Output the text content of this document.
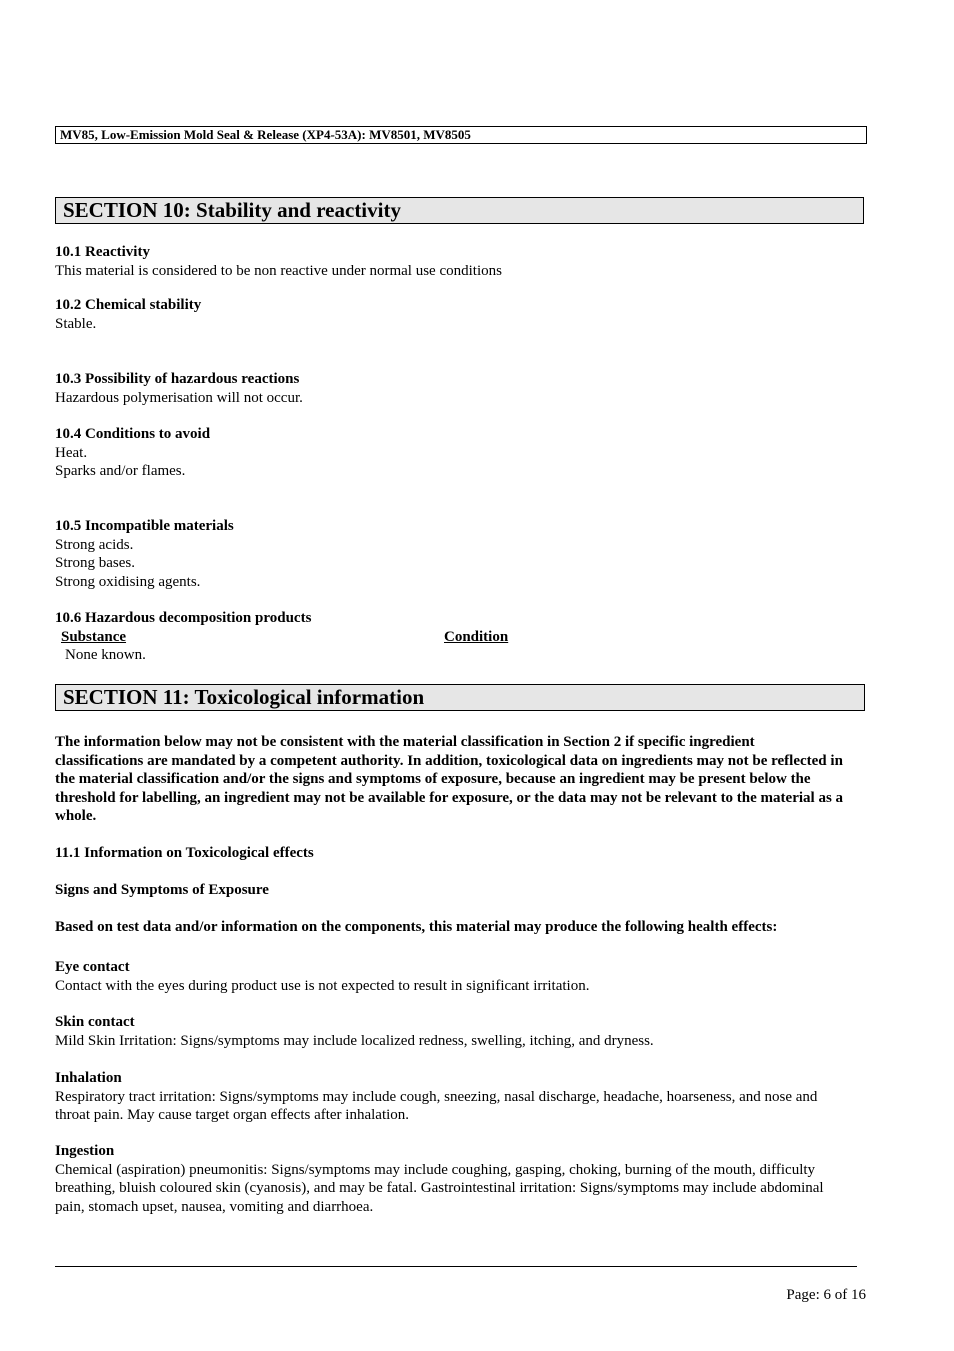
MV85, Low-Emission Mold Seal & Release (XP4-53A): MV8501, MV8505
SECTION 10: Stability and reactivity
10.1 Reactivity
This material is considered to be non reactive under normal use conditions
10.2 Chemical stability
Stable.
10.3 Possibility of hazardous reactions
Hazardous polymerisation will not occur.
10.4 Conditions to avoid
Heat.
Sparks and/or flames.
10.5 Incompatible materials
Strong acids.
Strong bases.
Strong oxidising agents.
10.6 Hazardous decomposition products
Substance	Condition
None known.
SECTION 11: Toxicological information
The information below may not be consistent with the material classification in Section 2 if specific ingredient classifications are mandated by a competent authority. In addition, toxicological data on ingredients may not be reflected in the material classification and/or the signs and symptoms of exposure, because an ingredient may be present below the threshold for labelling, an ingredient may not be available for exposure, or the data may not be relevant to the material as a whole.
11.1 Information on Toxicological effects
Signs and Symptoms of Exposure
Based on test data and/or information on the components, this material may produce the following health effects:
Eye contact
Contact with the eyes during product use is not expected to result in significant irritation.
Skin contact
Mild Skin Irritation: Signs/symptoms may include localized redness, swelling, itching, and dryness.
Inhalation
Respiratory tract irritation: Signs/symptoms may include cough, sneezing, nasal discharge, headache, hoarseness, and nose and throat pain. May cause target organ effects after inhalation.
Ingestion
Chemical (aspiration) pneumonitis: Signs/symptoms may include coughing, gasping, choking, burning of the mouth, difficulty breathing, bluish coloured skin (cyanosis), and may be fatal. Gastrointestinal irritation: Signs/symptoms may include abdominal pain, stomach upset, nausea, vomiting and diarrhoea.
Page: 6 of 16
